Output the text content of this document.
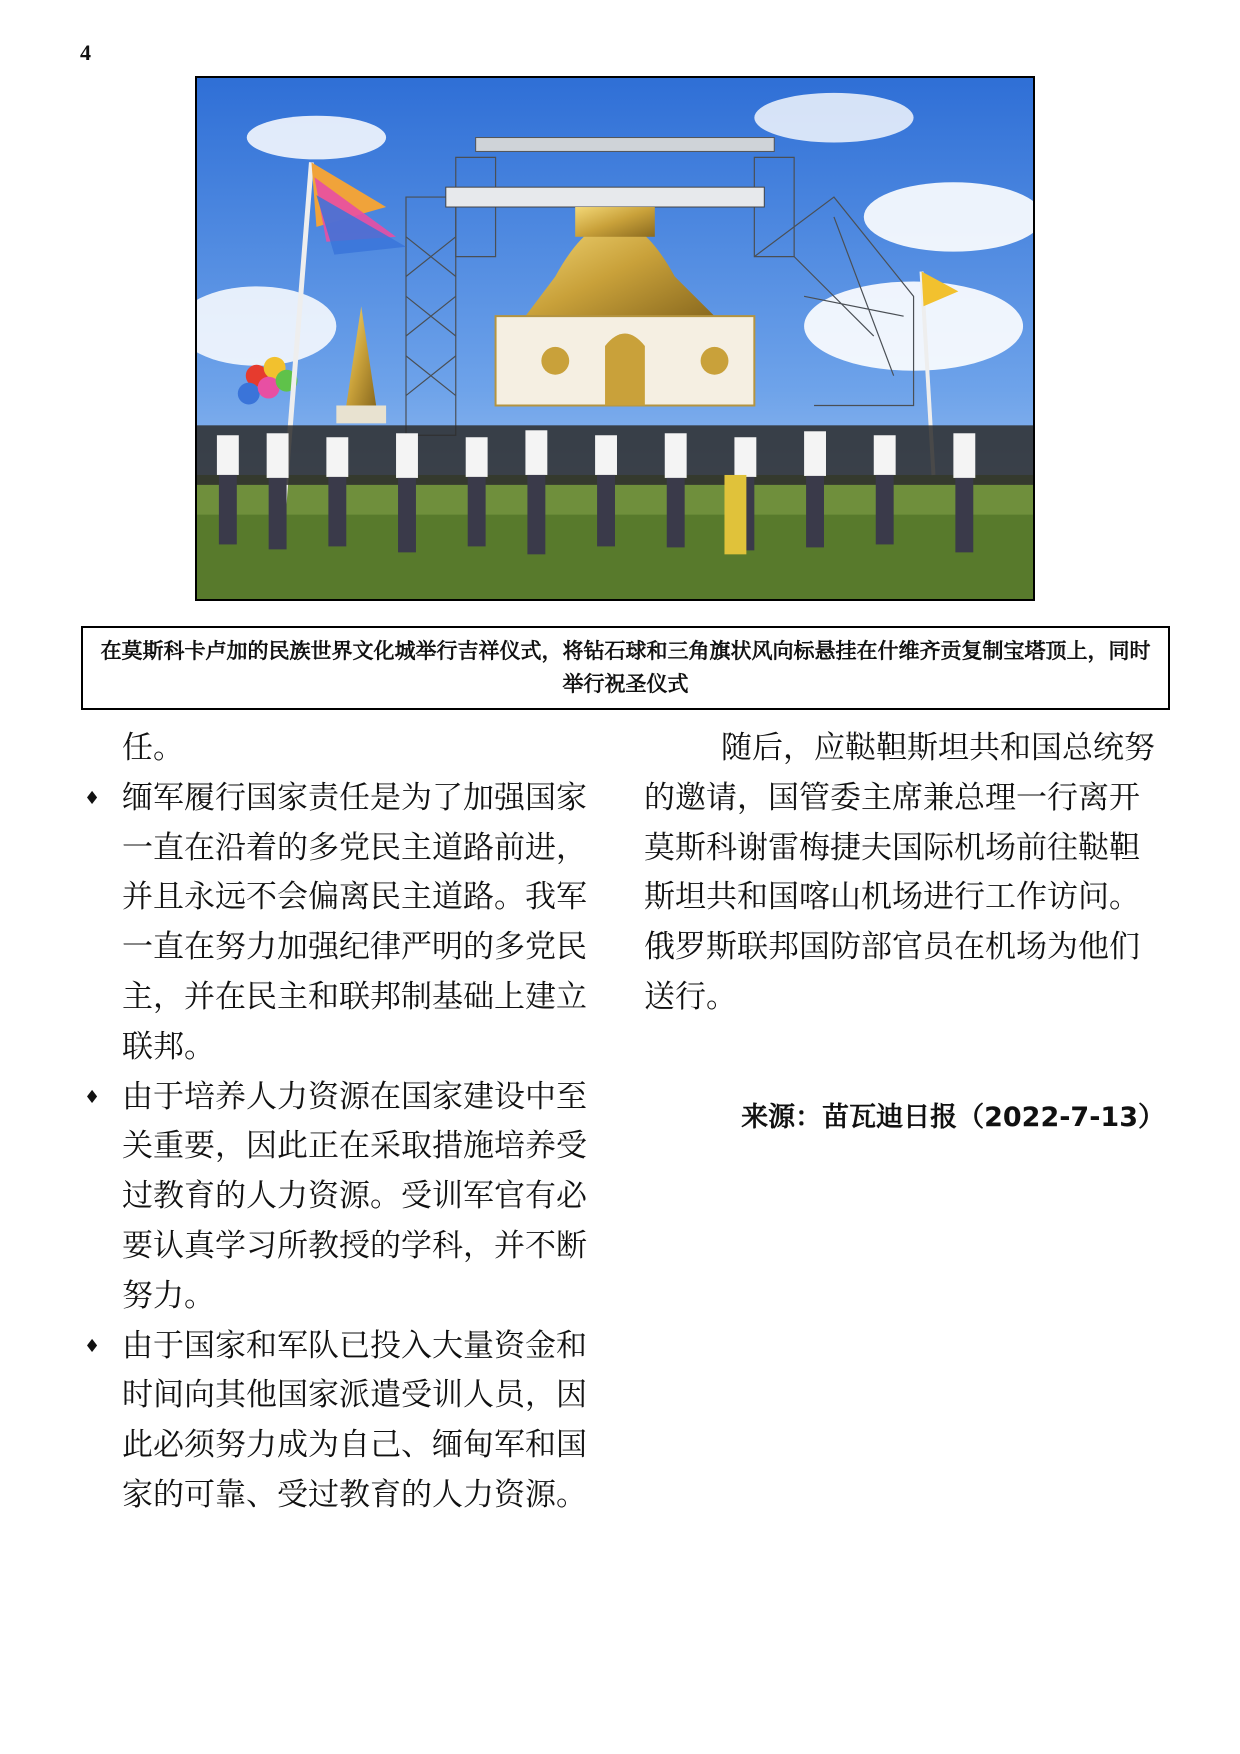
4
在莫斯科卡卢加的民族世界文化城举行吉祥仪式，将钻石球和三角旗状风向标悬挂在什维齐贡复制宝塔顶上，同时举行祝圣仪式

任。

♦ 缅军履行国家责任是为了加强国家一直在沿着的多党民主道路前进，并且永远不会偏离民主道路。我军一直在努力加强纪律严明的多党民主，并在民主和联邦制基础上建立联邦。
♦ 由于培养人力资源在国家建设中至关重要，因此正在采取措施培养受过教育的人力资源。受训军官有必要认真学习所教授的学科，并不断努力。
♦ 由于国家和军队已投入大量资金和时间向其他国家派遣受训人员，因此必须努力成为自己、缅甸军和国家的可靠、受过教育的人力资源。

随后，应鞑靼斯坦共和国总统努的邀请，国管委主席兼总理一行离开莫斯科谢雷梅捷夫国际机场前往鞑靼斯坦共和国喀山机场进行工作访问。俄罗斯联邦国防部官员在机场为他们送行。

来源：苗瓦迪日报（2022-7-13）
